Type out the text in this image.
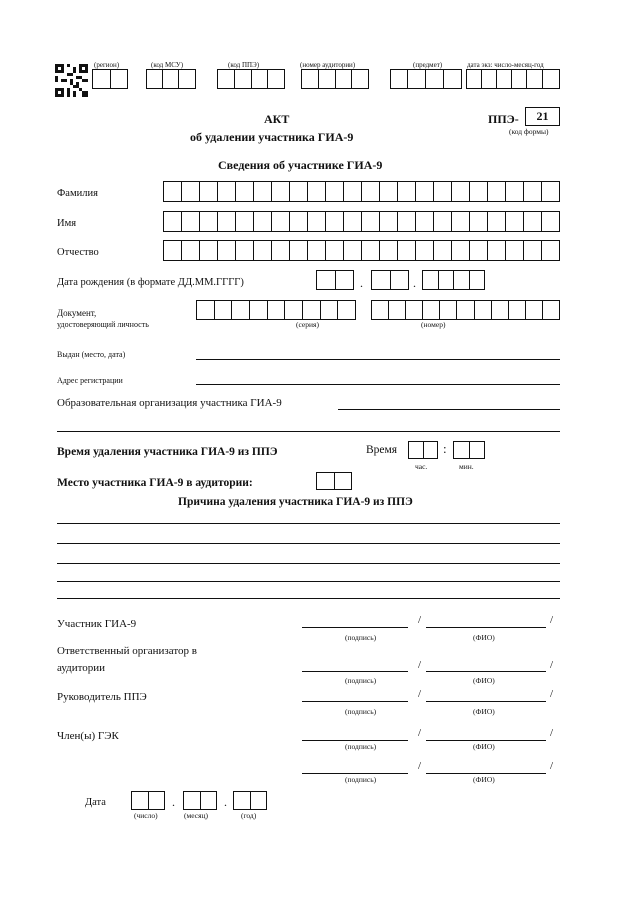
(регион)	(код МСУ)	(код ППЭ)	(номер аудитории)	(предмет)	дата экз: число-месяц-год
АКТ
об удалении участника ГИА-9
ППЭ-	21
(код формы)
Сведения об участнике ГИА-9
Фамилия
Имя
Отчество
Дата рождения (в формате ДД.ММ.ГГГГ)	.	.
Документ,
удостоверяющий личность	(серия)	(номер)
Выдан (место, дата)
Адрес регистрации
Образовательная организация участника ГИА-9
Время удаления участника ГИА-9 из ППЭ	Время	:
час.	мин.
Место участника ГИА-9 в аудитории:
Причина удаления участника ГИА-9 из ППЭ
Участник ГИА-9	/	/
(подпись)	(ФИО)
Ответственный организатор в
аудитории	/	/
(подпись)	(ФИО)
Руководитель ППЭ	/	/
(подпись)	(ФИО)
Член(ы) ГЭК	/	/
(подпись)	(ФИО)
/	/
(подпись)	(ФИО)
Дата	.	.
(число)	(месяц)	(год)
